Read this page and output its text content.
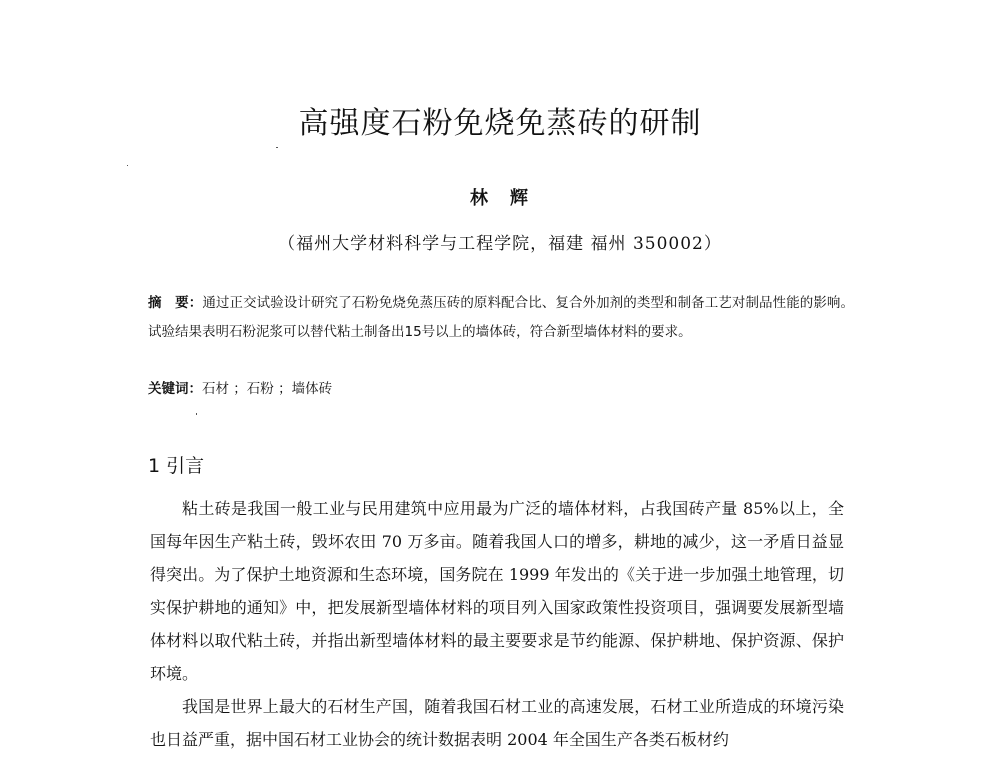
高强度石粉免烧免蒸砖的研制
林　辉
（福州大学材料科学与工程学院，福建 福州 350002）
摘　要：通过正交试验设计研究了石粉免烧免蒸压砖的原料配合比、复合外加剂的类型和制备工艺对制品性能的影响。试验结果表明石粉泥浆可以替代粘土制备出15号以上的墙体砖，符合新型墙体材料的要求。
关键词：石材 ；石粉 ；墙体砖
1 引言

粘土砖是我国一般工业与民用建筑中应用最为广泛的墙体材料，占我国砖产量 85%以上，全国每年因生产粘土砖，毁坏农田 70 万多亩。随着我国人口的增多，耕地的减少，这一矛盾日益显得突出。为了保护土地资源和生态环境，国务院在 1999 年发出的《关于进一步加强土地管理，切实保护耕地的通知》中，把发展新型墙体材料的项目列入国家政策性投资项目，强调要发展新型墙体材料以取代粘土砖，并指出新型墙体材料的最主要要求是节约能源、保护耕地、保护资源、保护环境。

我国是世界上最大的石材生产国，随着我国石材工业的高速发展，石材工业所造成的环境污染也日益严重，据中国石材工业协会的统计数据表明 2004 年全国生产各类石板材约
